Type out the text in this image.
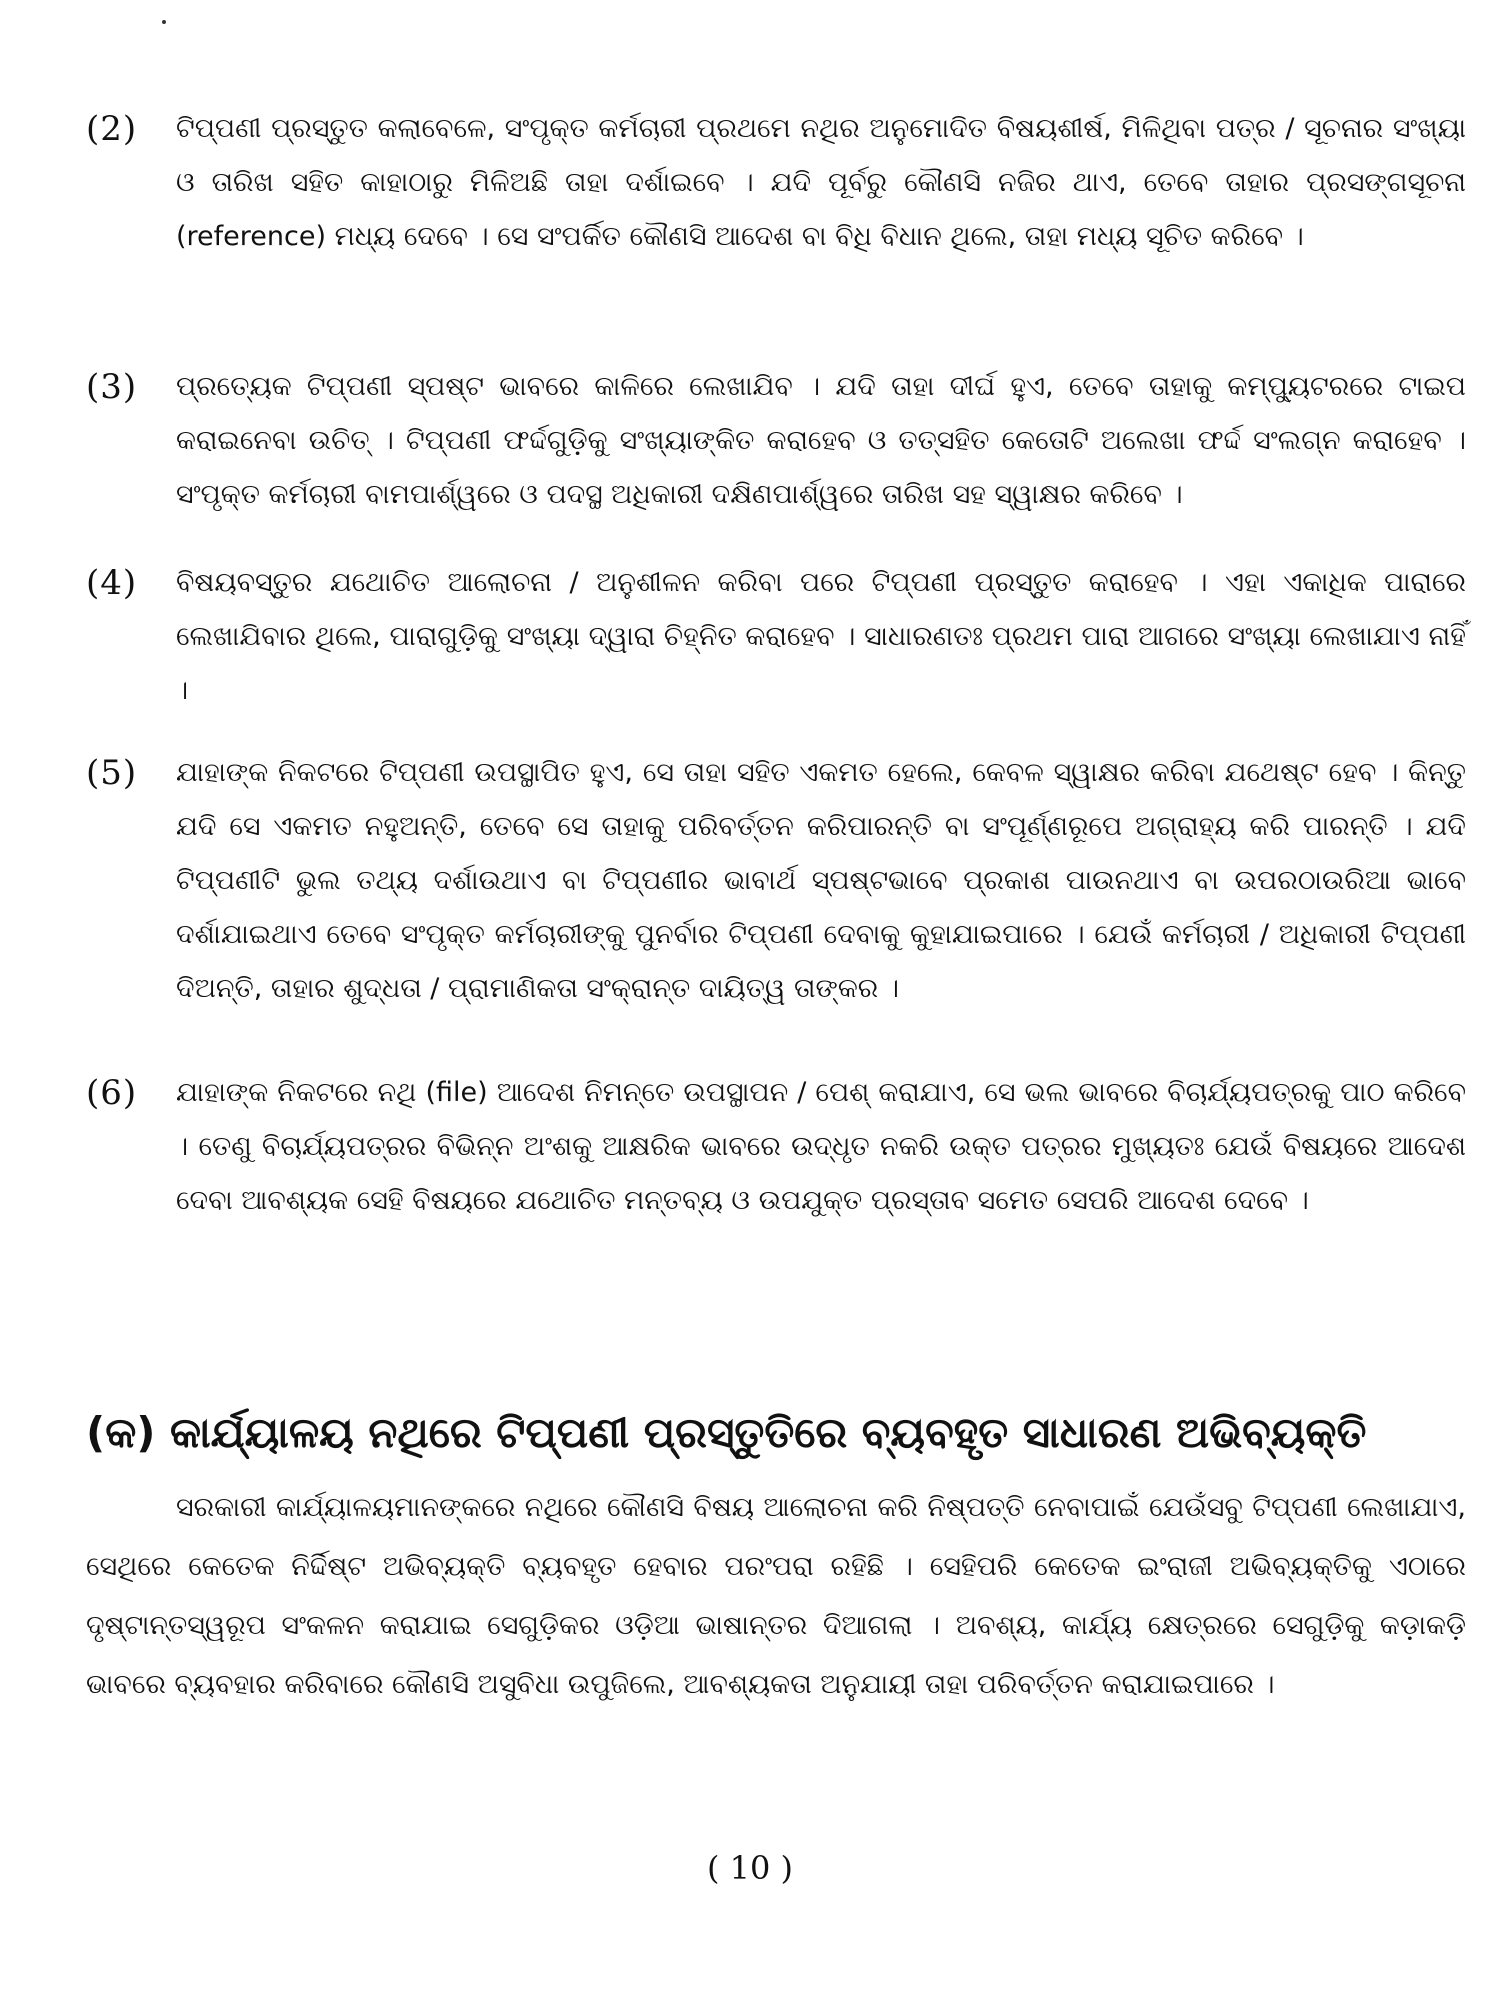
(2) ଟିପ୍ପଣୀ ପ୍ରସ୍ତୁତ କଲାବେଳେ, ସଂପୃକ୍ତ କର୍ମଚାରୀ ପ୍ରଥମେ ନଥିର ଅନୁମୋଦିତ ବିଷୟଶୀର୍ଷ, ମିଳିଥିବା ପତ୍ର / ସୂଚନାର ସଂଖ୍ୟା ଓ ତାରିଖ ସହିତ କାହାଠାରୁ ମିଳିଅଛି ତାହା ଦର୍ଶାଇବେ । ଯଦି ପୂର୍ବରୁ କୌଣସି ନଜିର ଥାଏ, ତେବେ ତାହାର ପ୍ରସଙ୍ଗସୂଚନା (reference) ମଧ୍ୟ ଦେବେ । ସେ ସଂପର୍କିତ କୌଣସି ଆଦେଶ ବା ବିଧି ବିଧାନ ଥିଲେ, ତାହା ମଧ୍ୟ ସୂଚିତ କରିବେ ।
(3) ପ୍ରତ୍ୟେକ ଟିପ୍ପଣୀ ସ୍ପଷ୍ଟ ଭାବରେ କାଳିରେ ଲେଖାଯିବ । ଯଦି ତାହା ଦୀର୍ଘ ହୁଏ, ତେବେ ତାହାକୁ କମ୍ପ୍ୟୁଟରରେ ଟାଇପ କରାଇନେବା ଉଚିତ୍ । ଟିପ୍ପଣୀ ଫର୍ଦ୍ଦଗୁଡ଼ିକୁ ସଂଖ୍ୟାଙ୍କିତ କରାହେବ ଓ ତତ୍ସହିତ କେତୋଟି ଅଲେଖା ଫର୍ଦ୍ଦ ସଂଲଗ୍ନ କରାହେବ । ସଂପୃକ୍ତ କର୍ମଚାରୀ ବାମପାର୍ଶ୍ୱରେ ଓ ପଦସ୍ଥ ଅଧିକାରୀ ଦକ୍ଷିଣପାର୍ଶ୍ୱରେ ତାରିଖ ସହ ସ୍ୱାକ୍ଷର କରିବେ ।
(4) ବିଷୟବସ୍ତୁର ଯଥୋଚିତ ଆଲୋଚନା / ଅନୁଶୀଳନ କରିବା ପରେ ଟିପ୍ପଣୀ ପ୍ରସ୍ତୁତ କରାହେବ । ଏହା ଏକାଧିକ ପାରାରେ ଲେଖାଯିବାର ଥିଲେ, ପାରାଗୁଡ଼ିକୁ ସଂଖ୍ୟା ଦ୍ୱାରା ଚିହ୍ନିତ କରାହେବ । ସାଧାରଣତଃ ପ୍ରଥମ ପାରା ଆଗରେ ସଂଖ୍ୟା ଲେଖାଯାଏ ନାହିଁ ।
(5) ଯାହାଙ୍କ ନିକଟରେ ଟିପ୍ପଣୀ ଉପସ୍ଥାପିତ ହୁଏ, ସେ ତାହା ସହିତ ଏକମତ ହେଲେ, କେବଳ ସ୍ୱାକ୍ଷର କରିବା ଯଥେଷ୍ଟ ହେବ । କିନ୍ତୁ ଯଦି ସେ ଏକମତ ନହୁଅନ୍ତି, ତେବେ ସେ ତାହାକୁ ପରିବର୍ତ୍ତନ କରିପାରନ୍ତି ବା ସଂପୂର୍ଣ୍ଣରୂପେ ଅଗ୍ରାହ୍ୟ କରି ପାରନ୍ତି । ଯଦି ଟିପ୍ପଣୀଟି ଭୁଲ ତଥ୍ୟ ଦର୍ଶାଉଥାଏ ବା ଟିପ୍ପଣୀର ଭାବାର୍ଥ ସ୍ପଷ୍ଟଭାବେ ପ୍ରକାଶ ପାଉନଥାଏ ବା ଉପରଠାଉରିଆ ଭାବେ ଦର୍ଶାଯାଇଥାଏ ତେବେ ସଂପୃକ୍ତ କର୍ମଚାରୀଙ୍କୁ ପୁନର୍ବାର ଟିପ୍ପଣୀ ଦେବାକୁ କୁହାଯାଇପାରେ । ଯେଉଁ କର୍ମଚାରୀ / ଅଧିକାରୀ ଟିପ୍ପଣୀ ଦିଅନ୍ତି, ତାହାର ଶୁଦ୍ଧତା / ପ୍ରାମାଣିକତା ସଂକ୍ରାନ୍ତ ଦାୟିତ୍ୱ ତାଙ୍କର ।
(6) ଯାହାଙ୍କ ନିକଟରେ ନଥି (file) ଆଦେଶ ନିମନ୍ତେ ଉପସ୍ଥାପନ / ପେଶ୍ କରାଯାଏ, ସେ ଭଲ ଭାବରେ ବିଚାର୍ଯ୍ୟପତ୍ରକୁ ପାଠ କରିବେ । ତେଣୁ ବିଚାର୍ଯ୍ୟପତ୍ରର ବିଭିନ୍ନ ଅଂଶକୁ ଆକ୍ଷରିକ ଭାବରେ ଉଦ୍ଧୃତ ନକରି ଉକ୍ତ ପତ୍ରର ମୁଖ୍ୟତଃ ଯେଉଁ ବିଷୟରେ ଆଦେଶ ଦେବା ଆବଶ୍ୟକ ସେହି ବିଷୟରେ ଯଥୋଚିତ ମନ୍ତବ୍ୟ ଓ ଉପଯୁକ୍ତ ପ୍ରସ୍ତାବ ସମେତ ସେପରି ଆଦେଶ ଦେବେ ।
(କ) କାର୍ଯ୍ୟାଳୟ ନଥିରେ ଟିପ୍ପଣୀ ପ୍ରସ୍ତୁତିରେ ବ୍ୟବହୃତ ସାଧାରଣ ଅଭିବ୍ୟକ୍ତି
ସରକାରୀ କାର୍ଯ୍ୟାଳୟମାନଙ୍କରେ ନଥିରେ କୌଣସି ବିଷୟ ଆଲୋଚନା କରି ନିଷ୍ପତ୍ତି ନେବାପାଇଁ ଯେଉଁସବୁ ଟିପ୍ପଣୀ ଲେଖାଯାଏ, ସେଥିରେ କେତେକ ନିର୍ଦ୍ଦିଷ୍ଟ ଅଭିବ୍ୟକ୍ତି ବ୍ୟବହୃତ ହେବାର ପରଂପରା ରହିଛି । ସେହିପରି କେତେକ ଇଂରାଜୀ ଅଭିବ୍ୟକ୍ତିକୁ ଏଠାରେ ଦୃଷ୍ଟାନ୍ତସ୍ୱରୂପ ସଂକଳନ କରାଯାଇ ସେଗୁଡ଼ିକର ଓଡ଼ିଆ ଭାଷାନ୍ତର ଦିଆଗଲା । ଅବଶ୍ୟ, କାର୍ଯ୍ୟ କ୍ଷେତ୍ରରେ ସେଗୁଡ଼ିକୁ କଡ଼ାକଡ଼ି ଭାବରେ ବ୍ୟବହାର କରିବାରେ କୌଣସି ଅସୁବିଧା ଉପୁଜିଲେ, ଆବଶ୍ୟକତା ଅନୁଯାୟୀ ତାହା ପରିବର୍ତ୍ତନ କରାଯାଇପାରେ ।
( 10 )
